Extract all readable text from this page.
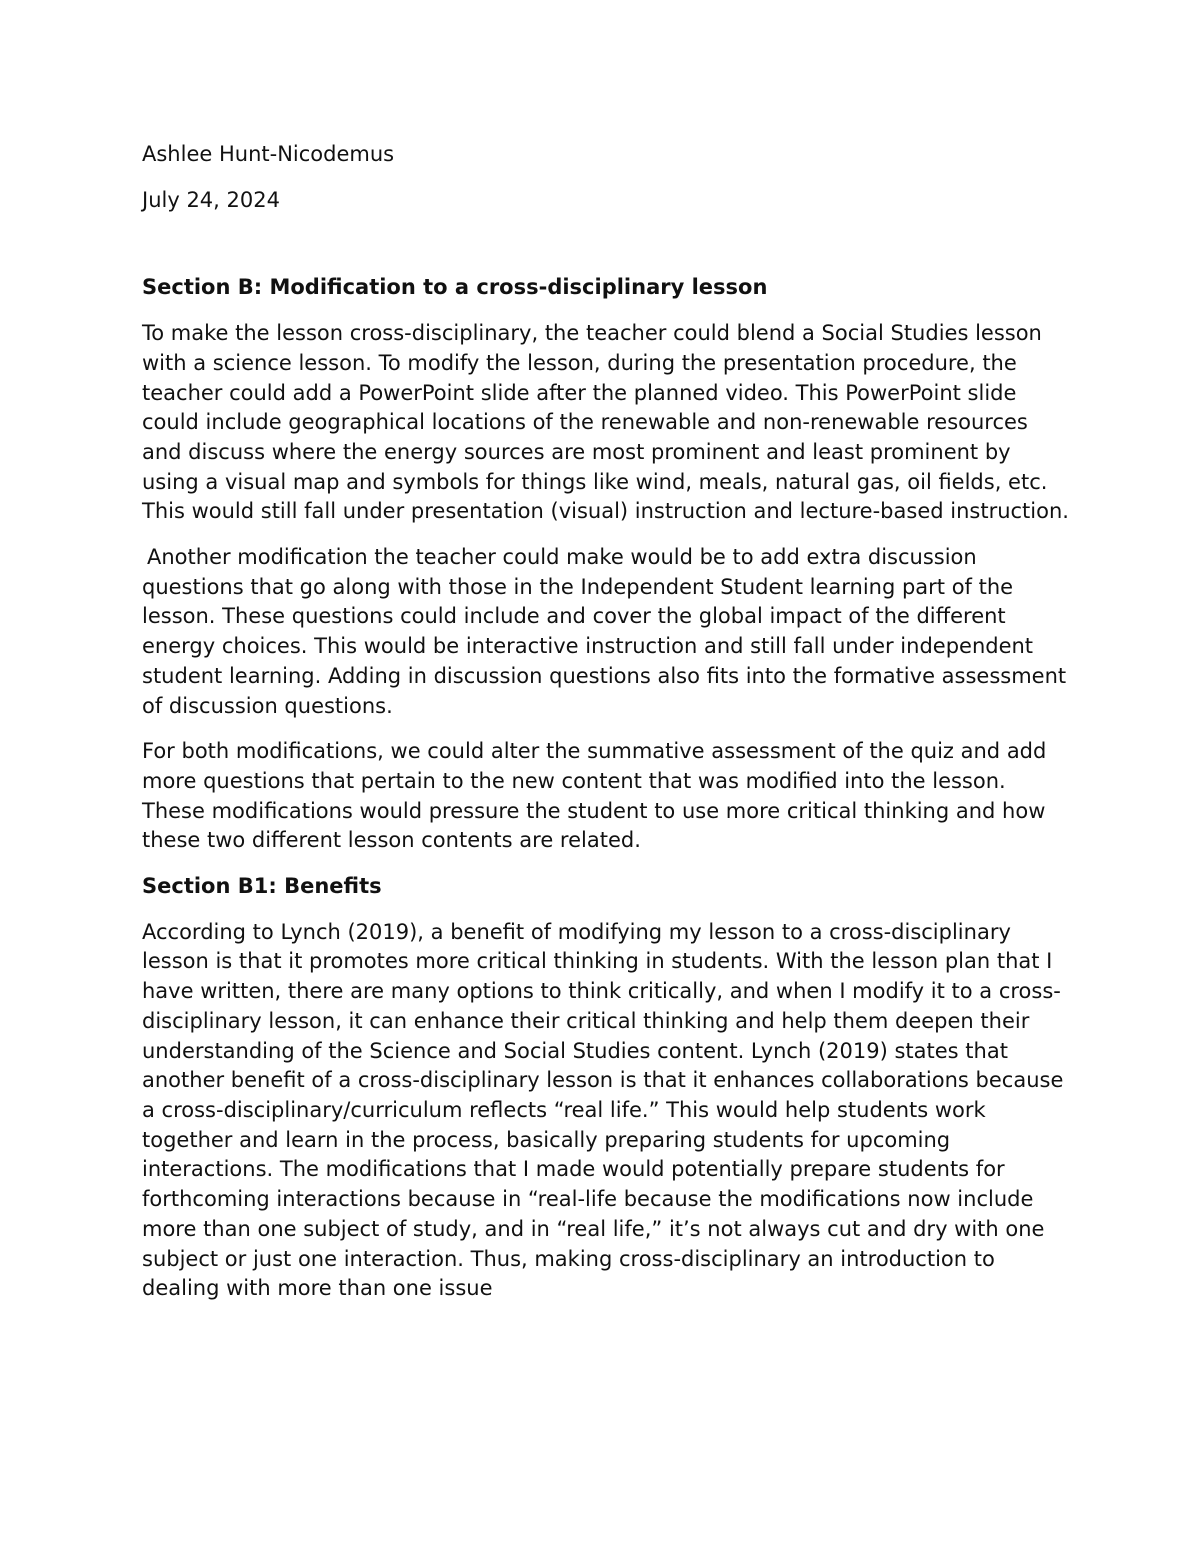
Ashlee Hunt-Nicodemus

July 24, 2024

Section B: Modification to a cross-disciplinary lesson

To make the lesson cross-disciplinary, the teacher could blend a Social Studies lesson with a science lesson. To modify the lesson, during the presentation procedure, the teacher could add a PowerPoint slide after the planned video. This PowerPoint slide could include geographical locations of the renewable and non-renewable resources and discuss where the energy sources are most prominent and least prominent by using a visual map and symbols for things like wind, meals, natural gas, oil fields, etc. This would still fall under presentation (visual) instruction and lecture-based instruction.

Another modification the teacher could make would be to add extra discussion questions that go along with those in the Independent Student learning part of the lesson. These questions could include and cover the global impact of the different energy choices. This would be interactive instruction and still fall under independent student learning. Adding in discussion questions also fits into the formative assessment of discussion questions.

For both modifications, we could alter the summative assessment of the quiz and add more questions that pertain to the new content that was modified into the lesson. These modifications would pressure the student to use more critical thinking and how these two different lesson contents are related.

Section B1: Benefits

According to Lynch (2019), a benefit of modifying my lesson to a cross-disciplinary lesson is that it promotes more critical thinking in students. With the lesson plan that I have written, there are many options to think critically, and when I modify it to a cross-disciplinary lesson, it can enhance their critical thinking and help them deepen their understanding of the Science and Social Studies content. Lynch (2019) states that another benefit of a cross-disciplinary lesson is that it enhances collaborations because a cross-disciplinary/curriculum reflects “real life.” This would help students work together and learn in the process, basically preparing students for upcoming interactions. The modifications that I made would potentially prepare students for forthcoming interactions because in “real-life because the modifications now include more than one subject of study, and in “real life,” it’s not always cut and dry with one subject or just one interaction. Thus, making cross-disciplinary an introduction to dealing with more than one issue
